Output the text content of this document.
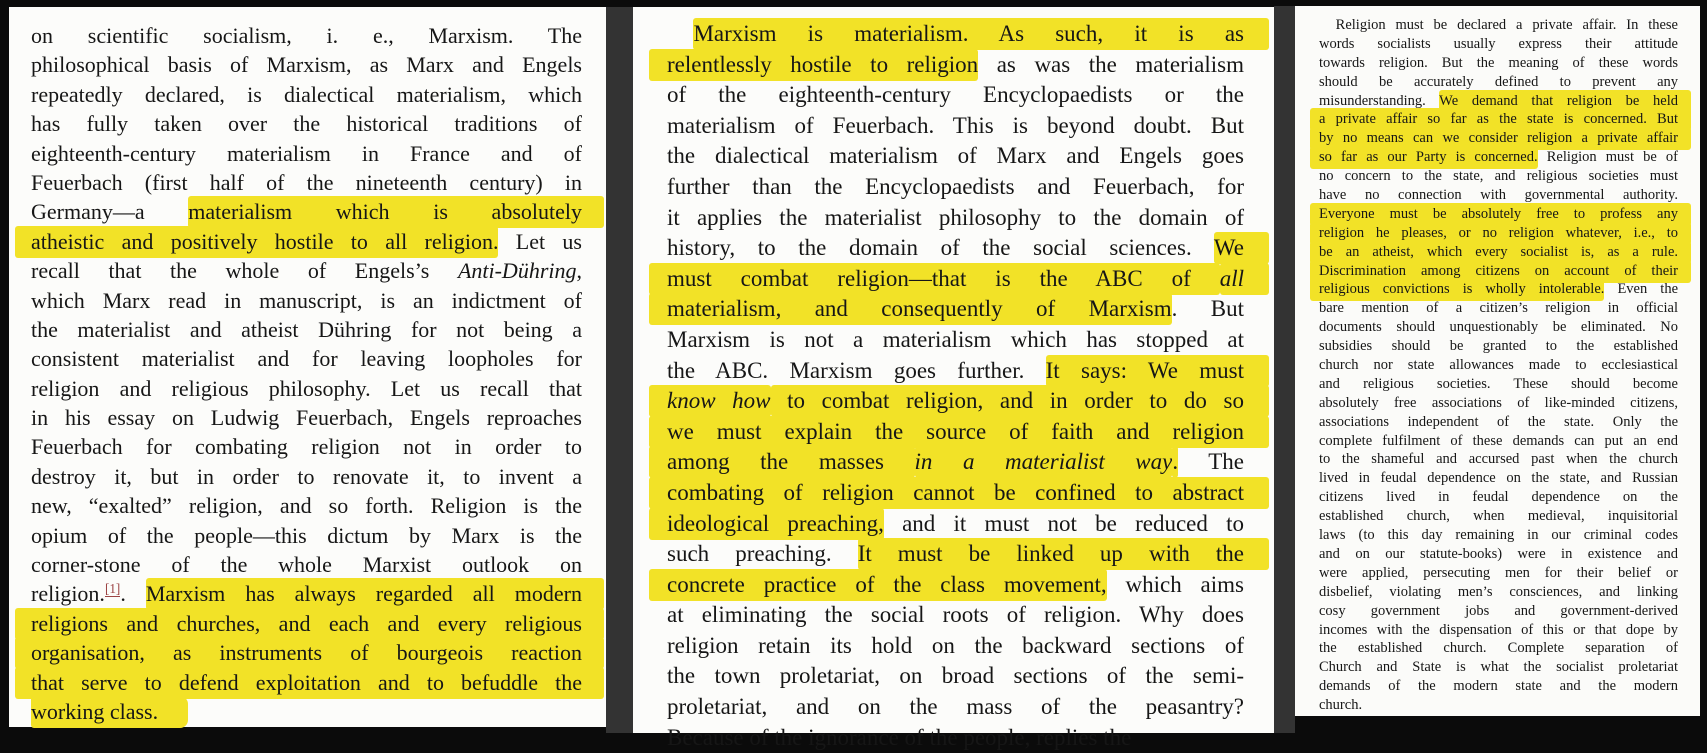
on scientific socialism, i. e., Marxism. The
philosophical basis of Marxism, as Marx and Engels
repeatedly declared, is dialectical materialism, which
has fully taken over the historical traditions of
eighteenth-century materialism in France and of
Feuerbach (first half of the nineteenth century) in
Germany—a materialism which is absolutely
atheistic and positively hostile to all religion. Let us
recall that the whole of Engels’s Anti-Dühring,
which Marx read in manuscript, is an indictment of
the materialist and atheist Dühring for not being a
consistent materialist and for leaving loopholes for
religion and religious philosophy. Let us recall that
in his essay on Ludwig Feuerbach, Engels reproaches
Feuerbach for combating religion not in order to
destroy it, but in order to renovate it, to invent a
new, “exalted” religion, and so forth. Religion is the
opium of the people—this dictum by Marx is the
corner-stone of the whole Marxist outlook on
religion.[1]. Marxism has always regarded all modern
religions and churches, and each and every religious
organisation, as instruments of bourgeois reaction
that serve to defend exploitation and to befuddle the
working class.
Marxism is materialism. As such, it is as
relentlessly hostile to religion as was the materialism
of the eighteenth-century Encyclopaedists or the
materialism of Feuerbach. This is beyond doubt. But
the dialectical materialism of Marx and Engels goes
further than the Encyclopaedists and Feuerbach, for
it applies the materialist philosophy to the domain of
history, to the domain of the social sciences. We
must combat religion—that is the ABC of all
materialism, and consequently of Marxism. But
Marxism is not a materialism which has stopped at
the ABC. Marxism goes further. It says: We must
know how to combat religion, and in order to do so
we must explain the source of faith and religion
among the masses in a materialist way. The
combating of religion cannot be confined to abstract
ideological preaching, and it must not be reduced to
such preaching. It must be linked up with the
concrete practice of the class movement, which aims
at eliminating the social roots of religion. Why does
religion retain its hold on the backward sections of
the town proletariat, on broad sections of the semi-
proletariat, and on the mass of the peasantry?
Because of the ignorance of the people, replies the
Religion must be declared a private affair. In these
words socialists usually express their attitude
towards religion. But the meaning of these words
should be accurately defined to prevent any
misunderstanding. We demand that religion be held
a private affair so far as the state is concerned. But
by no means can we consider religion a private affair
so far as our Party is concerned. Religion must be of
no concern to the state, and religious societies must
have no connection with governmental authority.
Everyone must be absolutely free to profess any
religion he pleases, or no religion whatever, i.e., to
be an atheist, which every socialist is, as a rule.
Discrimination among citizens on account of their
religious convictions is wholly intolerable. Even the
bare mention of a citizen’s religion in official
documents should unquestionably be eliminated. No
subsidies should be granted to the established
church nor state allowances made to ecclesiastical
and religious societies. These should become
absolutely free associations of like-minded citizens,
associations independent of the state. Only the
complete fulfilment of these demands can put an end
to the shameful and accursed past when the church
lived in feudal dependence on the state, and Russian
citizens lived in feudal dependence on the
established church, when medieval, inquisitorial
laws (to this day remaining in our criminal codes
and on our statute-books) were in existence and
were applied, persecuting men for their belief or
disbelief, violating men’s consciences, and linking
cosy government jobs and government-derived
incomes with the dispensation of this or that dope by
the established church. Complete separation of
Church and State is what the socialist proletariat
demands of the modern state and the modern
church.
